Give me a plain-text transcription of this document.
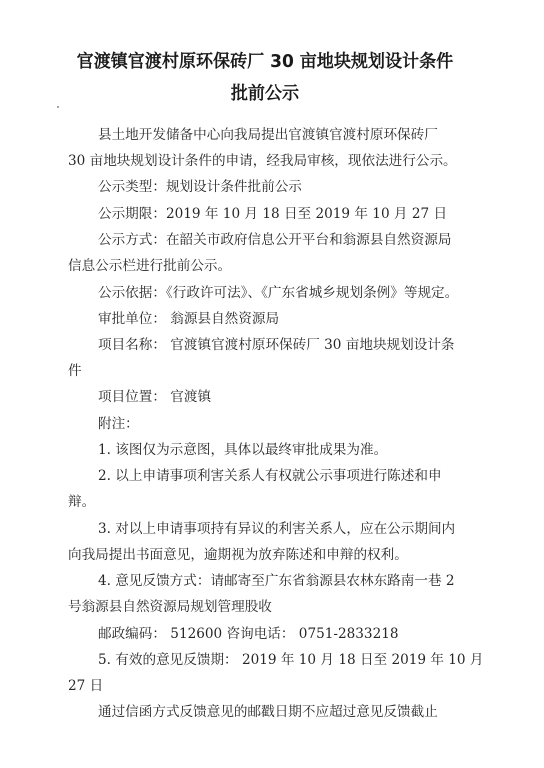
官渡镇官渡村原环保砖厂 30 亩地块规划设计条件
批前公示
县土地开发储备中心向我局提出官渡镇官渡村原环保砖厂
30 亩地块规划设计条件的申请，经我局审核，现依法进行公示。
公示类型：规划设计条件批前公示
公示期限：2019 年 10 月 18 日至 2019 年 10 月 27 日
公示方式：在韶关市政府信息公开平台和翁源县自然资源局
信息公示栏进行批前公示。
公示依据：《行政许可法》、《广东省城乡规划条例》等规定。
审批单位： 翁源县自然资源局
项目名称： 官渡镇官渡村原环保砖厂 30 亩地块规划设计条
件
项目位置： 官渡镇
附注：
1. 该图仅为示意图，具体以最终审批成果为准。
2. 以上申请事项利害关系人有权就公示事项进行陈述和申
辩。
3. 对以上申请事项持有异议的利害关系人，应在公示期间内
向我局提出书面意见，逾期视为放弃陈述和申辩的权利。
4. 意见反馈方式：请邮寄至广东省翁源县农林东路南一巷 2
号翁源县自然资源局规划管理股收
邮政编码： 512600 咨询电话： 0751-2833218
5. 有效的意见反馈期： 2019 年 10 月 18 日至 2019 年 10 月
27 日
通过信函方式反馈意见的邮戳日期不应超过意见反馈截止
